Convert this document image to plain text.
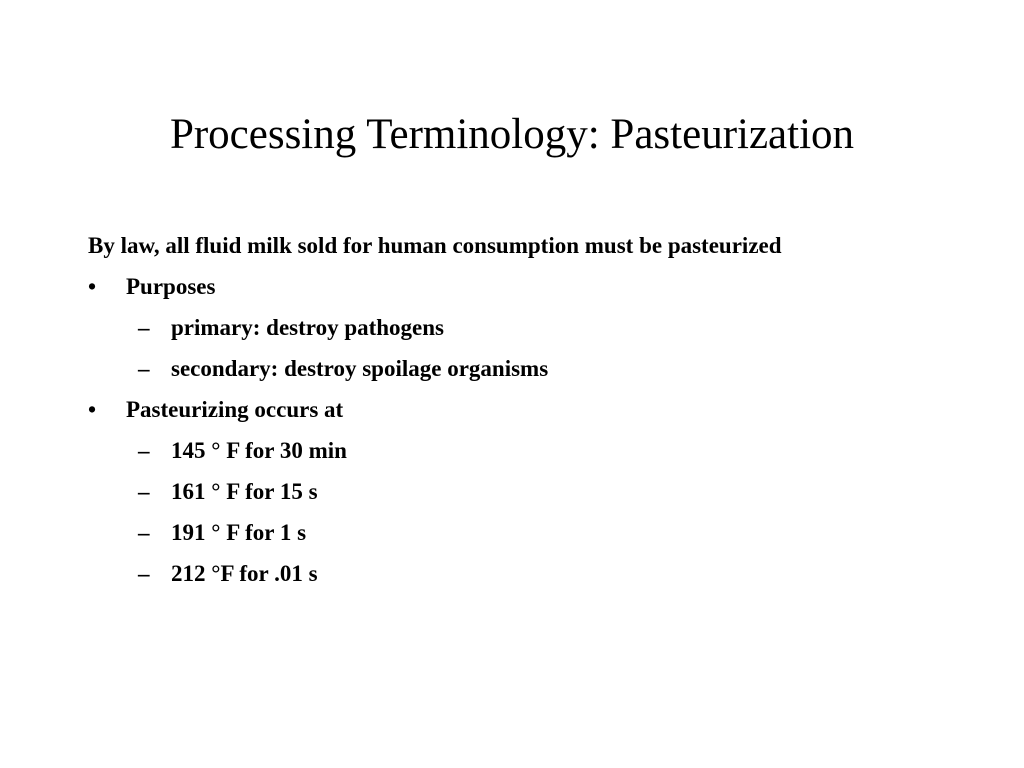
Processing Terminology: Pasteurization

By law, all fluid milk sold for human consumption must be pasteurized

•	Purposes
– primary: destroy pathogens
– secondary: destroy spoilage organisms
•	Pasteurizing occurs at
– 145 ° F for 30 min
– 161 ° F for 15 s
– 191 ° F for 1 s
– 212 °F for .01 s
